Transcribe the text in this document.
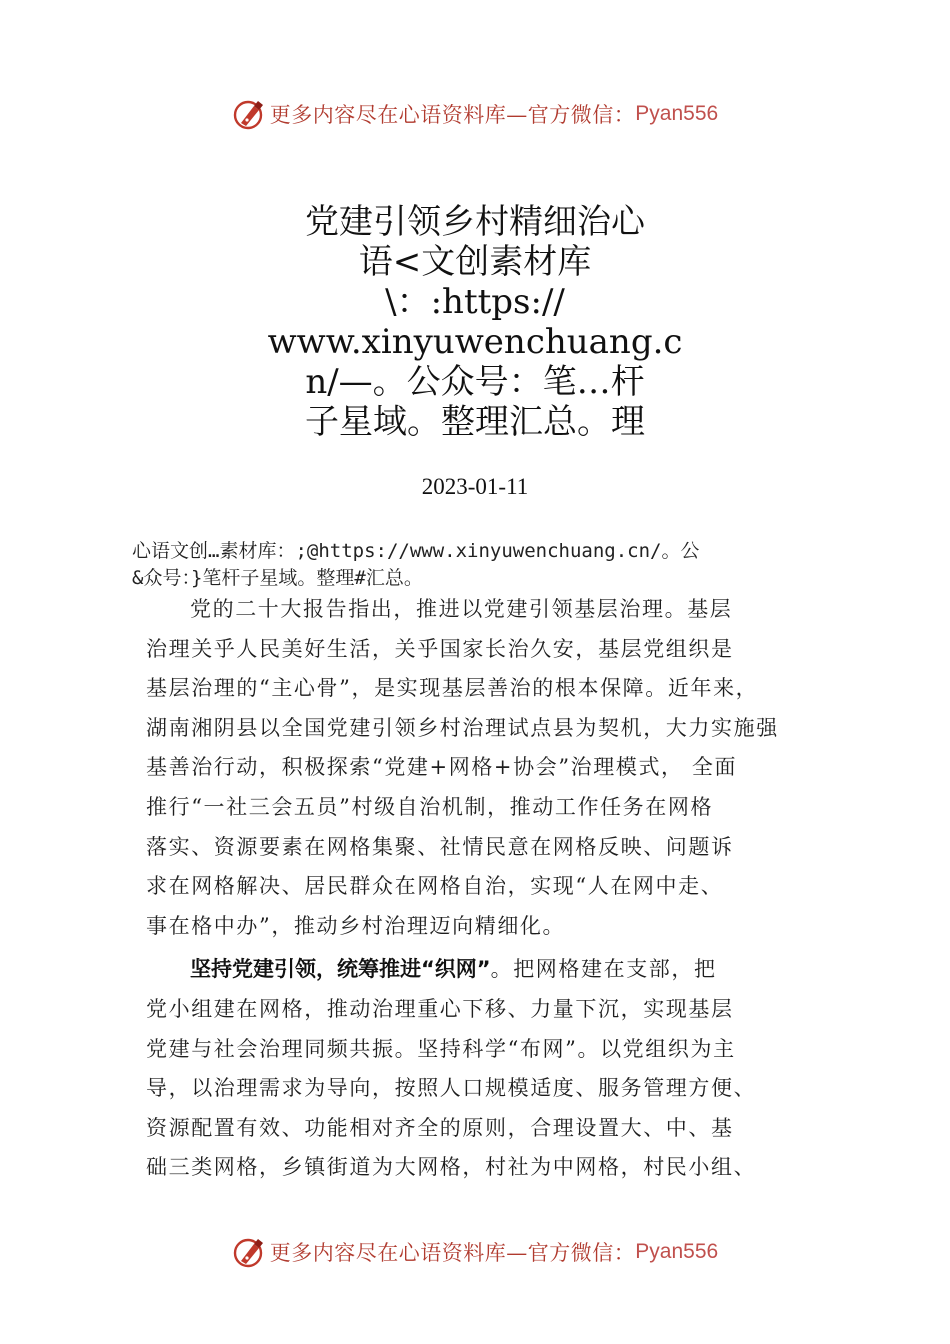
更多内容尽在心语资料库—官方微信： Pyan556
党建引领乡村精细治心
语<文创素材库
\：:https://
www.xinyuwenchuang.c
n/—。公众号：笔…杆
子星域。整理汇总。理
2023-01-11
心语文创…素材库：;@https://www.xinyuwenchuang.cn/。公
&众号：}笔杆子星域。整理#汇总。
党的二十大报告指出，推进以党建引领基层治理。基层
治理关乎人民美好生活，关乎国家长治久安，基层党组织是
基层治理的“主心骨”，是实现基层善治的根本保障。近年来，
湖南湘阴县以全国党建引领乡村治理试点县为契机，大力实施强
基善治行动，积极探索“党建+网格+协会”治理模式， 全面
推行“一社三会五员”村级自治机制，推动工作任务在网格
落实、资源要素在网格集聚、社情民意在网格反映、问题诉
求在网格解决、居民群众在网格自治，实现“人在网中走、
事在格中办”，推动乡村治理迈向精细化。
坚持党建引领，统筹推进“织网”。把网格建在支部，把
党小组建在网格，推动治理重心下移、力量下沉，实现基层
党建与社会治理同频共振。坚持科学“布网”。以党组织为主
导，以治理需求为导向，按照人口规模适度、服务管理方便、
资源配置有效、功能相对齐全的原则，合理设置大、中、基
础三类网格，乡镇街道为大网格，村社为中网格，村民小组、
更多内容尽在心语资料库—官方微信： Pyan556
